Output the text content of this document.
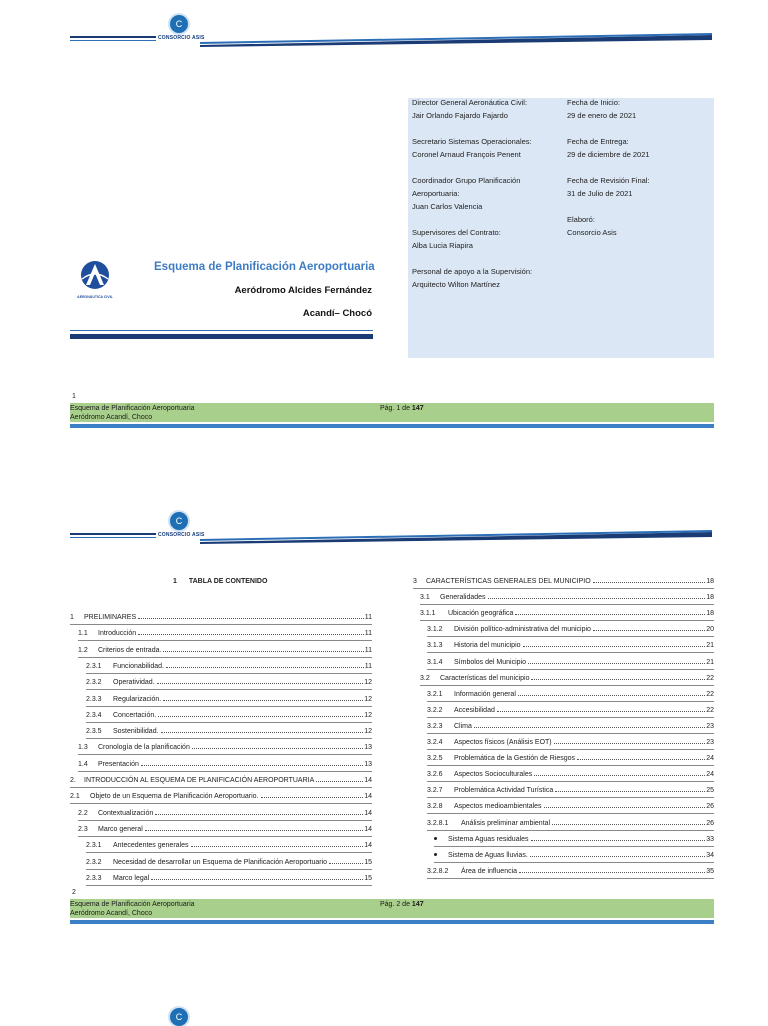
C
CONSORCIO ASIS
Director General Aeronáutica Civil:
Jair Orlando Fajardo Fajardo
Secretario Sistemas Operacionales:
Coronel Arnaud François Penent
Coordinador Grupo Planificación
Aeroportuaria:
Juan Carlos Valencia
Supervisores del Contrato:
Alba Lucia Riapira
Personal de apoyo a la Supervisión:
Arquitecto Wilton Martínez
Fecha de Inicio:
29 de enero de 2021
Fecha de Entrega:
29 de diciembre de 2021
Fecha de Revisión Final:
31 de Julio de 2021
Elaboró:
Consorcio Asis
AERONÁUTICA CIVIL
Esquema de Planificación Aeroportuaria
Aeródromo Alcides Fernández
Acandí– Chocó
1
Esquema de Planificación Aeroportuaria
Aeródromo Acandí, Choco
Pág. 1 de 147
C
CONSORCIO ASIS
1 TABLA DE CONTENIDO
1	PRELIMINARES	11
1.1	Introducción	11
1.2	Criterios de entrada.	11
2.3.1	Funcionabilidad.	11
2.3.2	Operatividad.	12
2.3.3	Regularización.	12
2.3.4	Concertación.	12
2.3.5	Sostenibilidad.	12
1.3	Cronología de la planificación	13
1.4	Presentación	13
2.	INTRODUCCIÓN AL ESQUEMA DE PLANIFICACIÓN AEROPORTUARIA	14
2.1	Objeto de un Esquema de Planificación Aeroportuario.	14
2.2	Contextualización	14
2.3	Marco general	14
2.3.1	Antecedentes generales	14
2.3.2	Necesidad de desarrollar un Esquema de Planificación Aeroportuario	15
2.3.3	Marco legal	15
3	CARACTERÍSTICAS GENERALES DEL MUNICIPIO	18
3.1	Generalidades	18
3.1.1	Ubicación geográfica	18
3.1.2	División político-administrativa del municipio	20
3.1.3	Historia del municipio	21
3.1.4	Símbolos del Municipio	21
3.2	Características del municipio	22
3.2.1	Información general	22
3.2.2	Accesibilidad	22
3.2.3	Clima	23
3.2.4	Aspectos físicos (Análisis EOT)	23
3.2.5	Problemática de la Gestión de Riesgos	24
3.2.6	Aspectos Socioculturales	24
3.2.7	Problemática Actividad Turística	25
3.2.8	Aspectos medioambientales	26
3.2.8.1	Análisis preliminar ambiental	26
Sistema Aguas residuales	33
Sistema de Aguas lluvias.	34
3.2.8.2	Área de influencia	35
2
Esquema de Planificación Aeroportuaria
Aeródromo Acandí, Choco
Pág. 2 de 147
C
